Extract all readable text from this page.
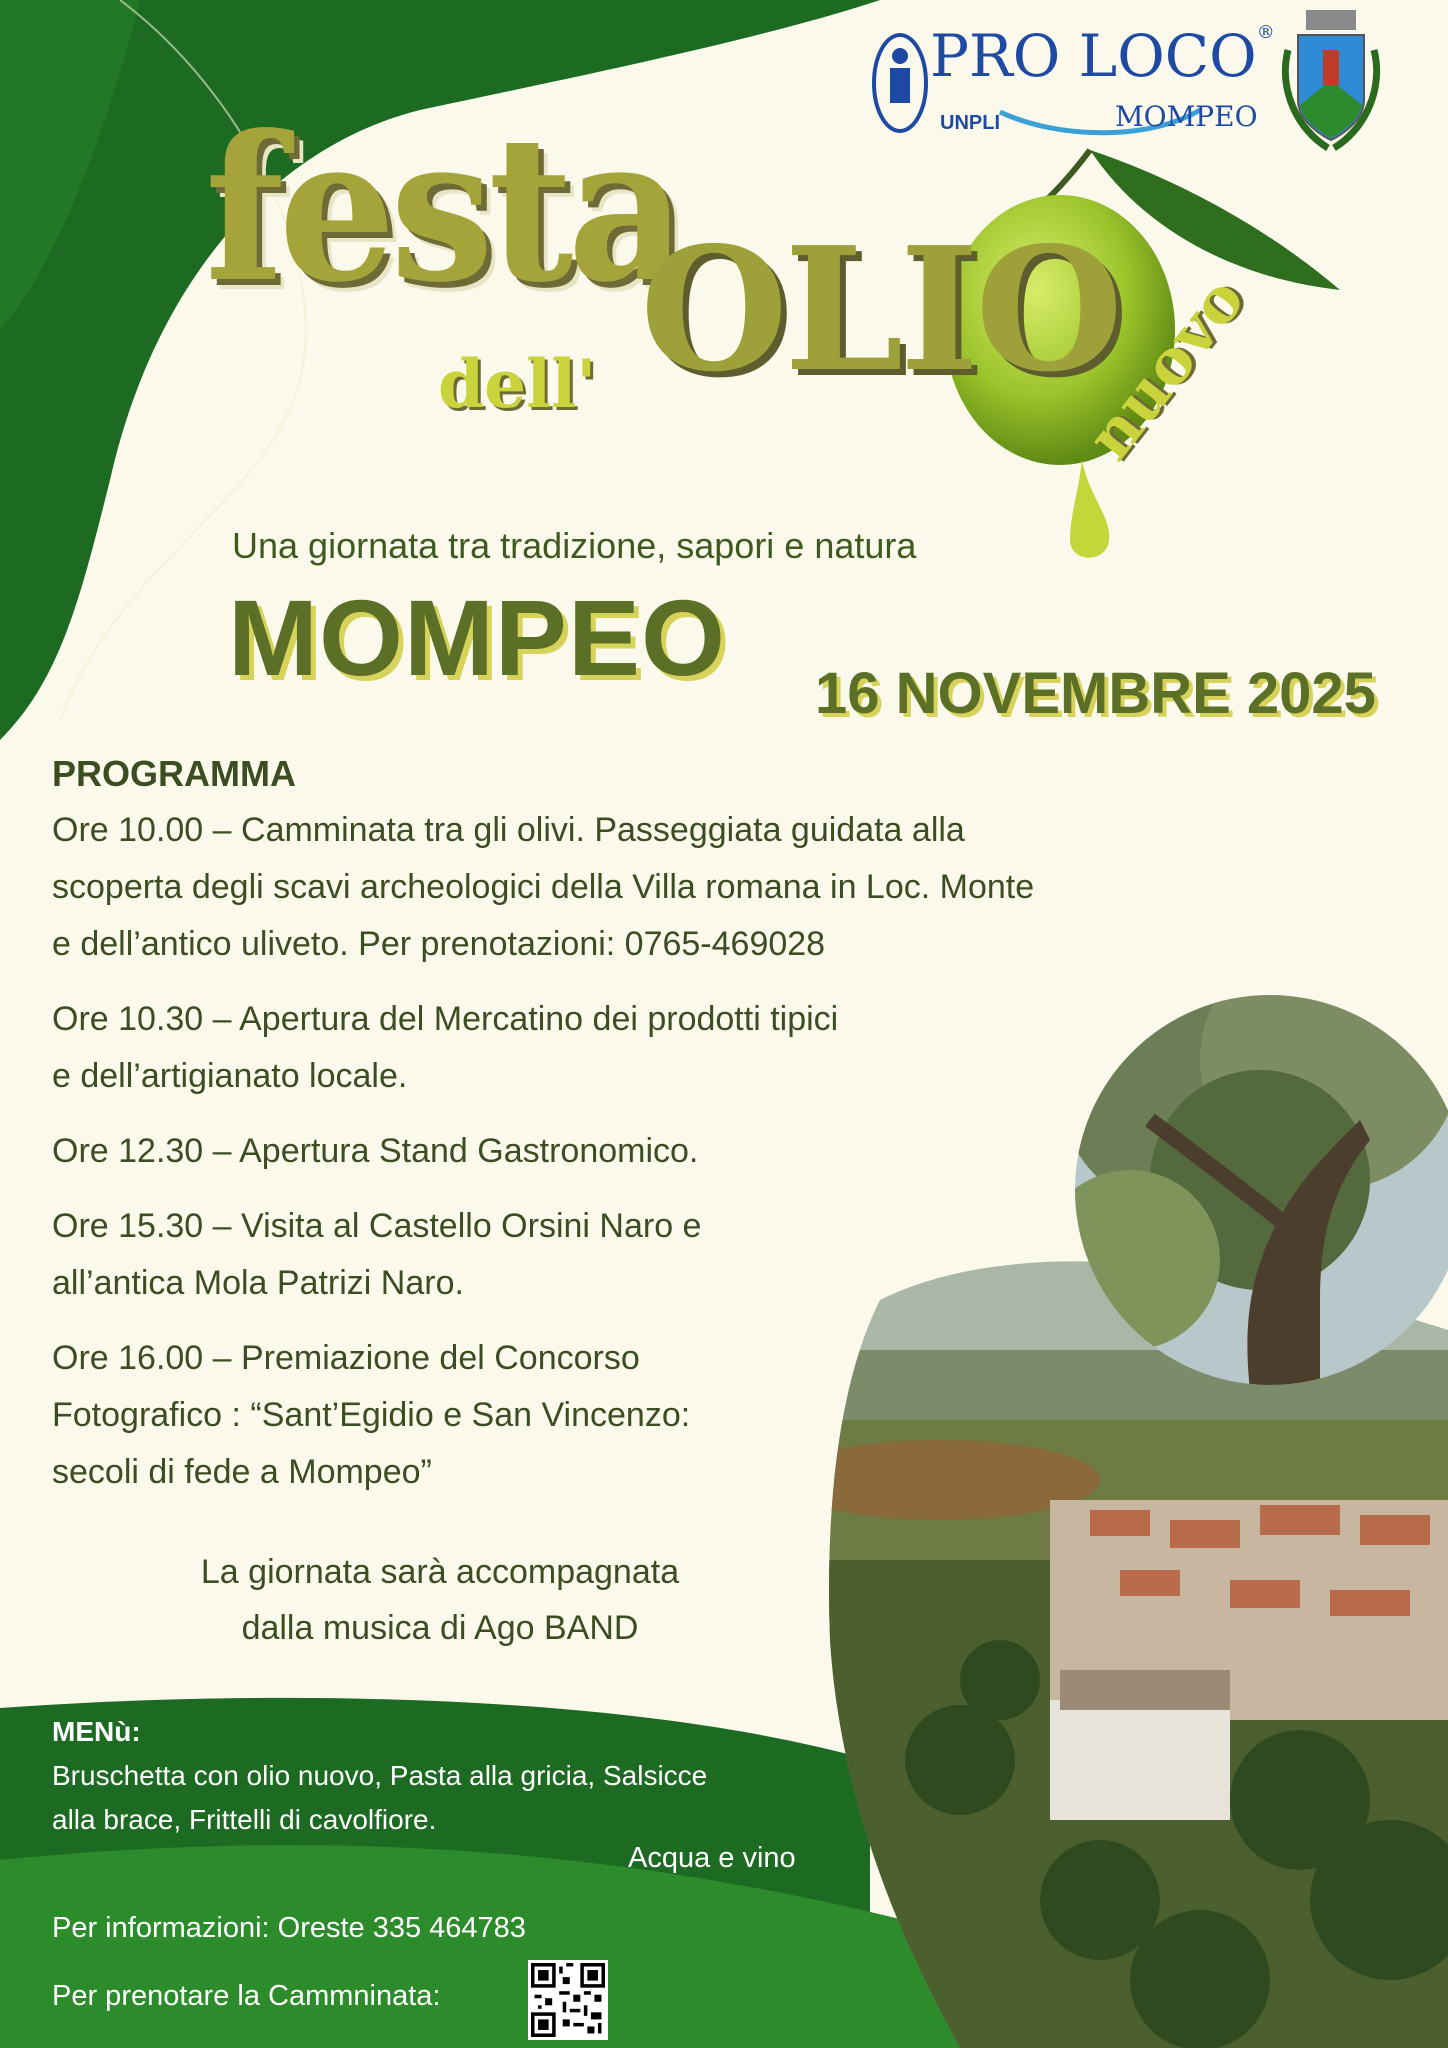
PRO LOCO®
UNPLI	MOMPEO
festa
dell' OLIO
nuovo
Una giornata tra tradizione, sapori e natura
MOMPEO 16 NOVEMBRE 2025

PROGRAMMA

Ore 10.00 – Camminata tra gli olivi. Passeggiata guidata alla

scoperta degli scavi archeologici della Villa romana in Loc. Monte

e dell’antico uliveto. Per prenotazioni: 0765-469028

Ore 10.30 – Apertura del Mercatino dei prodotti tipici

e dell’artigianato locale.

Ore 12.30 – Apertura Stand Gastronomico.

Ore 15.30 – Visita al Castello Orsini Naro e

all’antica Mola Patrizi Naro.

Ore 16.00 – Premiazione del Concorso

Fotografico : “Sant’Egidio e San Vincenzo:

secoli di fede a Mompeo”

La giornata sarà accompagnata
dalla musica di Ago BAND
MENù:
Bruschetta con olio nuovo, Pasta alla gricia, Salsicce
alla brace, Frittelli di cavolfiore.
Acqua e vino
Per informazioni: Oreste 335 464783
Per prenotare la Cammninata:
